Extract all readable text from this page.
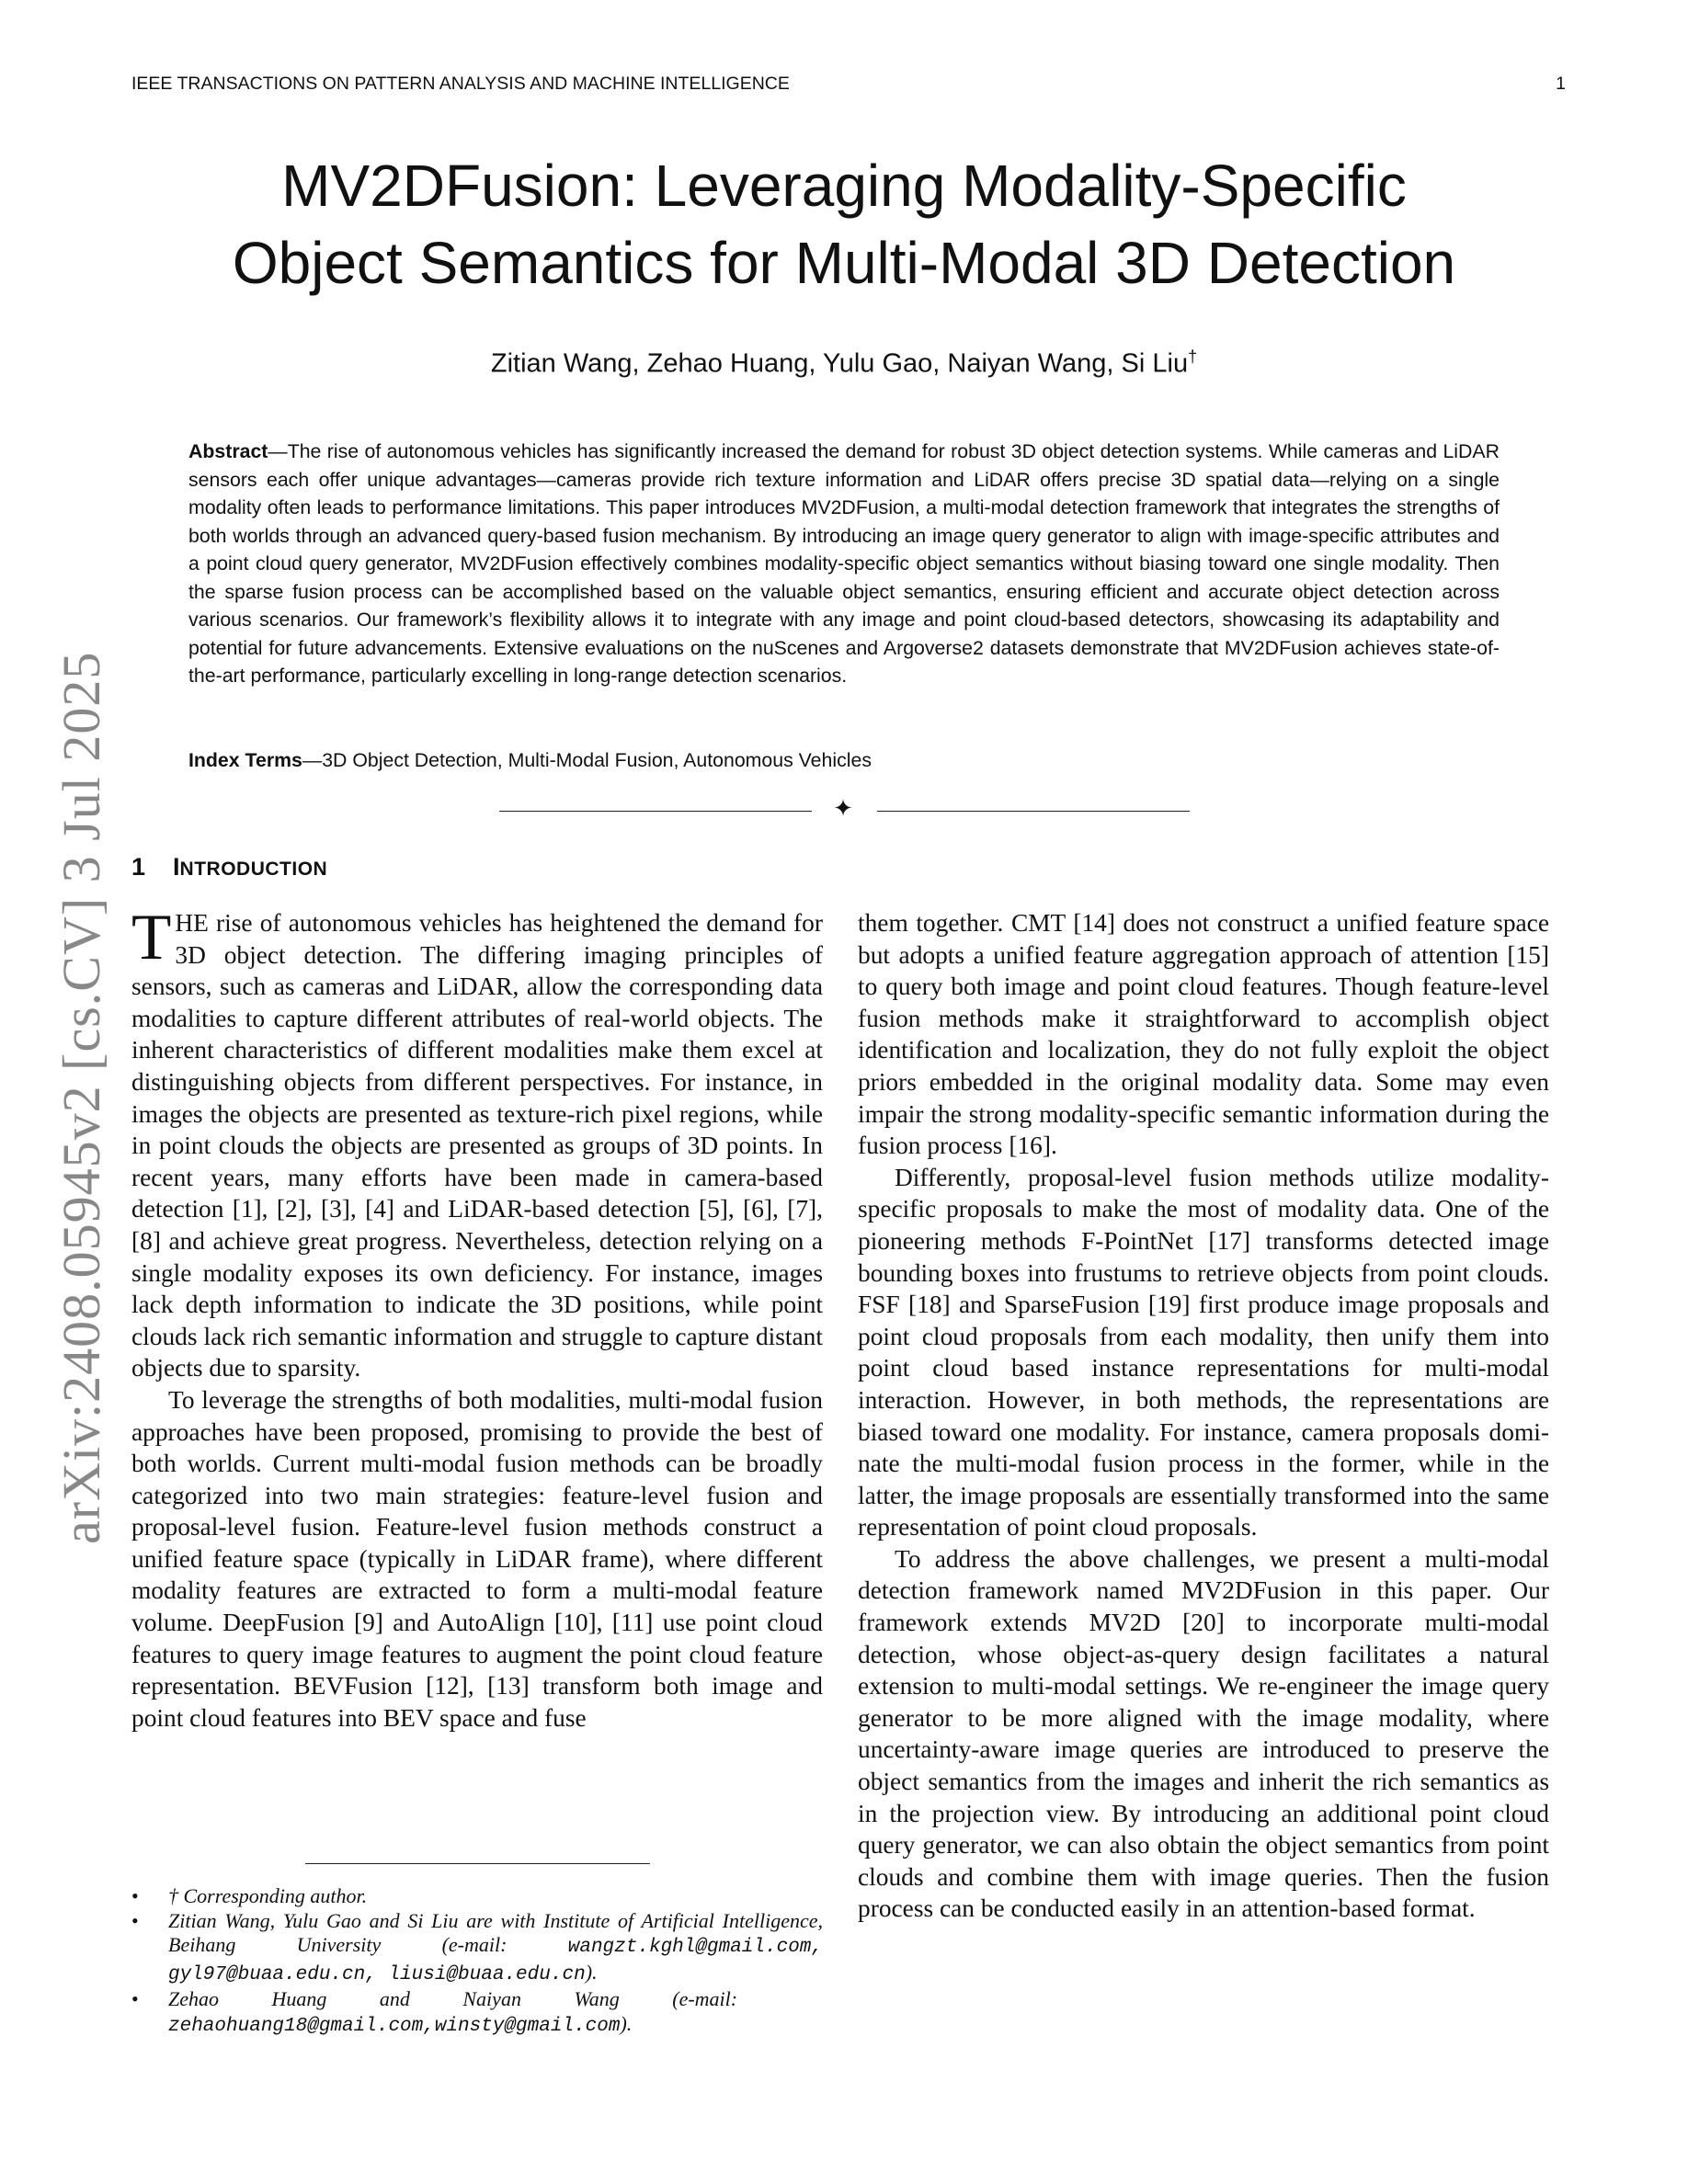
IEEE TRANSACTIONS ON PATTERN ANALYSIS AND MACHINE INTELLIGENCE	1
MV2DFusion: Leveraging Modality-Specific
Object Semantics for Multi-Modal 3D Detection
Zitian Wang, Zehao Huang, Yulu Gao, Naiyan Wang, Si Liu†
Abstract—The rise of autonomous vehicles has significantly increased the demand for robust 3D object detection systems. While cameras and LiDAR sensors each offer unique advantages—cameras provide rich texture information and LiDAR offers precise 3D spatial data—relying on a single modality often leads to performance limitations. This paper introduces MV2DFusion, a multi-modal detection framework that integrates the strengths of both worlds through an advanced query-based fusion mechanism. By introducing an image query generator to align with image-specific attributes and a point cloud query generator, MV2DFusion effectively combines modality-specific object semantics without biasing toward one single modality. Then the sparse fusion process can be accomplished based on the valuable object semantics, ensuring efficient and accurate object detection across various scenarios. Our framework’s flexibility allows it to integrate with any image and point cloud-based detectors, showcasing its adaptability and potential for future advancements. Extensive evaluations on the nuScenes and Argoverse2 datasets demonstrate that MV2DFusion achieves state-of-the-art performance, particularly excelling in long-range detection scenarios.
Index Terms—3D Object Detection, Multi-Modal Fusion, Autonomous Vehicles
✦
1 INTRODUCTION

THE rise of autonomous vehicles has heightened the demand for 3D object detection. The differing imaging principles of sensors, such as cameras and LiDAR, allow the corresponding data modalities to capture different attributes of real-world objects. The inherent characteristics of different modalities make them excel at distinguishing objects from different perspectives. For instance, in images the objects are presented as texture-rich pixel regions, while in point clouds the objects are presented as groups of 3D points. In recent years, many efforts have been made in camera-based detection [1], [2], [3], [4] and LiDAR-based detection [5], [6], [7], [8] and achieve great progress. Nevertheless, detection relying on a single modality exposes its own deficiency. For instance, images lack depth information to indicate the 3D positions, while point clouds lack rich semantic information and struggle to capture distant objects due to sparsity.

To leverage the strengths of both modalities, multi-modal fusion approaches have been proposed, promising to provide the best of both worlds. Current multi-modal fusion methods can be broadly categorized into two main strategies: feature-level fusion and proposal-level fusion. Feature-level fusion methods construct a unified feature space (typically in LiDAR frame), where different modality features are extracted to form a multi-modal feature volume. DeepFusion [9] and AutoAlign [10], [11] use point cloud features to query image features to augment the point cloud feature representation. BEVFusion [12], [13] transform both image and point cloud features into BEV space and fuse

them together. CMT [14] does not construct a unified feature space but adopts a unified feature aggregation approach of attention [15] to query both image and point cloud features. Though feature-level fusion methods make it straightforward to accomplish object identification and localization, they do not fully exploit the object priors embedded in the original modality data. Some may even impair the strong modality-specific semantic information during the fusion process [16].

Differently, proposal-level fusion methods utilize modality-specific proposals to make the most of modality data. One of the pioneering methods F-PointNet [17] transforms detected image bounding boxes into frustums to retrieve objects from point clouds. FSF [18] and SparseFusion [19] first produce image proposals and point cloud proposals from each modality, then unify them into point cloud based instance representations for multi-modal interaction. However, in both methods, the representations are biased toward one modality. For instance, camera proposals dominate the multi-modal fusion process in the former, while in the latter, the image proposals are essentially transformed into the same representation of point cloud proposals.

To address the above challenges, we present a multi-modal detection framework named MV2DFusion in this paper. Our framework extends MV2D [20] to incorporate multi-modal detection, whose object-as-query design facilitates a natural extension to multi-modal settings. We re-engineer the image query generator to be more aligned with the image modality, where uncertainty-aware image queries are introduced to preserve the object semantics from the images and inherit the rich semantics as in the projection view. By introducing an additional point cloud query generator, we can also obtain the object semantics from point clouds and combine them with image queries. Then the fusion process can be conducted easily in an attention-based format.

• † Corresponding author.
• Zitian Wang, Yulu Gao and Si Liu are with Institute of Artificial Intelligence, Beihang University (e-mail: wangzt.kghl@gmail.com, gyl97@buaa.edu.cn, liusi@buaa.edu.cn).
• Zehao Huang and Naiyan Wang (e-mail:
zehaohuang18@gmail.com,winsty@gmail.com).
arXiv:2408.05945v2 [cs.CV] 3 Jul 2025
